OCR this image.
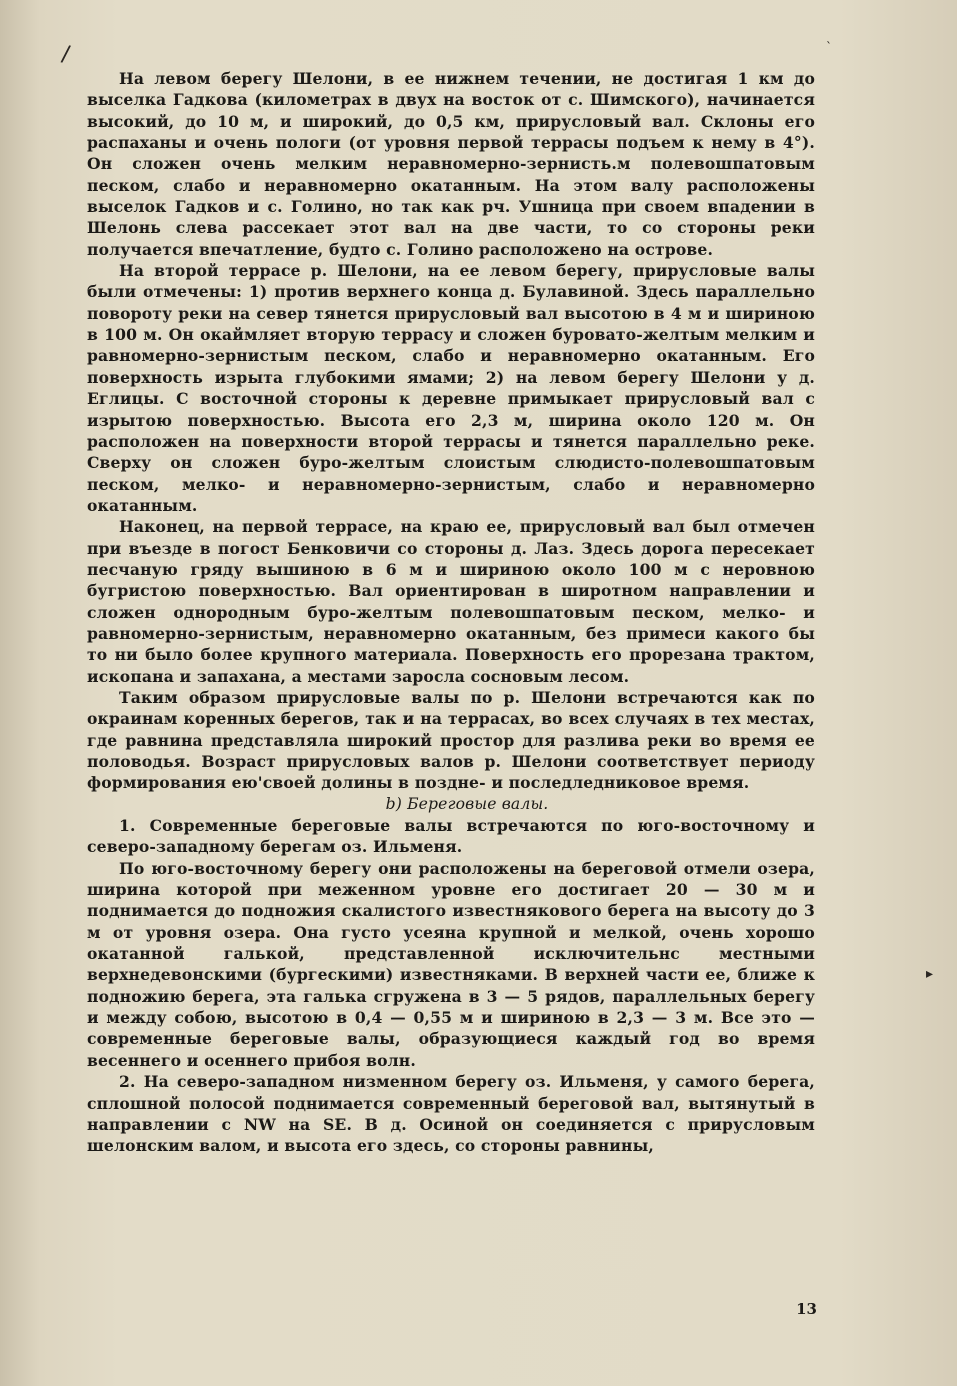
/	ˋ
▸

На левом берегу Шелони, в ее нижнем течении, не достигая 1 км до выселка Гадкова (километрах в двух на восток от с. Шимского), начинается высокий, до 10 м, и широкий, до 0,5 км, прирусловый вал. Склоны его распаханы и очень пологи (от уровня первой террасы подъем к нему в 4°). Он сложен очень мелким неравномерно-зернисть.м полевошпатовым песком, слабо и неравномерно окатанным. На этом валу расположены выселок Гадков и с. Голино, но так как рч. Ушница при своем впадении в Шелонь слева рассекает этот вал на две части, то со стороны реки получается впечатление, будто с. Голино расположено на острове.

На второй террасе р. Шелони, на ее левом берегу, прирусловые валы были отмечены: 1) против верхнего конца д. Булавиной. Здесь параллельно повороту реки на север тянется прирусловый вал высотою в 4 м и шириною в 100 м. Он окаймляет вторую террасу и сложен буровато-желтым мелким и равномерно-зернистым песком, слабо и неравномерно окатанным. Его поверхность изрыта глубокими ямами; 2) на левом берегу Шелони у д. Еглицы. С восточной стороны к деревне примыкает прирусловый вал с изрытою поверхностью. Высота его 2,3 м, ширина около 120 м. Он расположен на поверхности второй террасы и тянется параллельно реке. Сверху он сложен буро-желтым слоистым слюдисто-полевошпатовым песком, мелко- и неравномерно-зернистым, слабо и неравномерно окатанным.

Наконец, на первой террасе, на краю ее, прирусловый вал был отмечен при въезде в погост Бенковичи со стороны д. Лаз. Здесь дорога пересекает песчаную гряду вышиною в 6 м и шириною около 100 м с неровною бугристою поверхностью. Вал ориентирован в широтном направлении и сложен однородным буро-желтым полевошпатовым песком, мелко- и равномерно-зернистым, неравномерно окатанным, без примеси какого бы то ни было более крупного материала. Поверхность его прорезана трактом, ископана и запахана, а местами заросла сосновым лесом.

Таким образом прирусловые валы по р. Шелони встречаются как по окраинам коренных берегов, так и на террасах, во всех случаях в тех местах, где равнина представляла широкий простор для разлива реки во время ее половодья. Возраст прирусловых валов р. Шелони соответствует периоду формирования ею'своей долины в поздне- и последледниковое время.

b) Береговые валы.

1. Современные береговые валы встречаются по юго-восточному и северо-западному берегам оз. Ильменя.

По юго-восточному берегу они расположены на береговой отмели озера, ширина которой при меженном уровне его достигает 20 — 30 м и поднимается до подножия скалистого известнякового берега на высоту до 3 м от уровня озера. Она густо усеяна крупной и мелкой, очень хорошо окатанной галькой, представленной исключительнс местными верхнедевонскими (бургескими) известняками. В верхней части ее, ближе к подножию берега, эта галька сгружена в 3 — 5 рядов, параллельных берегу и между собою, высотою в 0,4 — 0,55 м и шириною в 2,3 — 3 м. Все это — современные береговые валы, образующиеся каждый год во время весеннего и осеннего прибоя волн.

2. На северо-западном низменном берегу оз. Ильменя, у самого берега, сплошной полосой поднимается современный береговой вал, вытянутый в направлении с NW на SE. В д. Осиной он соединяется с прирусловым шелонским валом, и высота его здесь, со стороны равнины,

13
